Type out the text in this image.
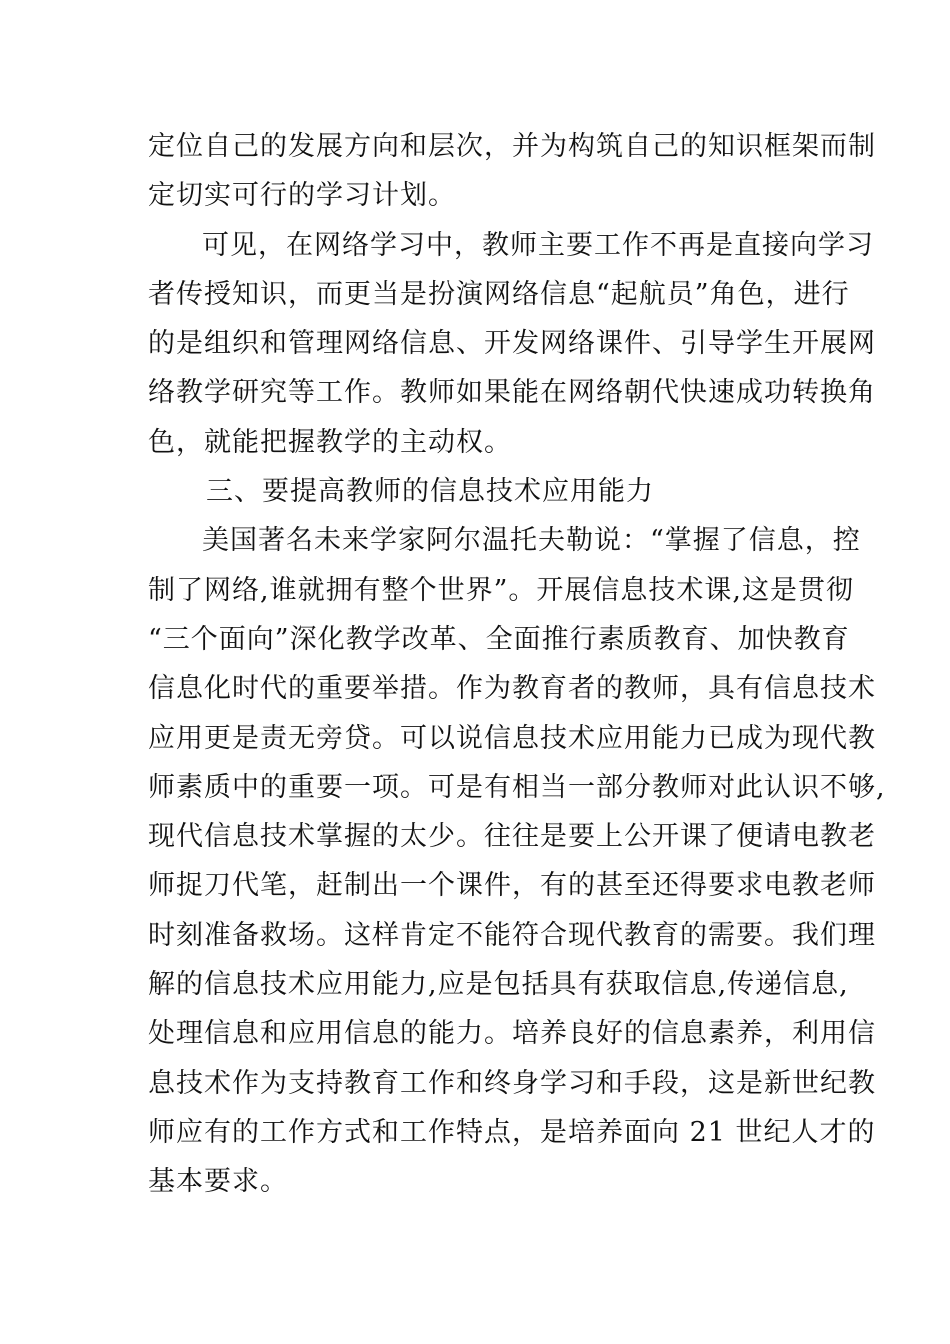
定位自己的发展方向和层次，并为构筑自己的知识框架而制
定切实可行的学习计划。
可见，在网络学习中，教师主要工作不再是直接向学习
者传授知识，而更当是扮演网络信息“起航员”角色，进行
的是组织和管理网络信息、开发网络课件、引导学生开展网
络教学研究等工作。教师如果能在网络朝代快速成功转换角
色，就能把握教学的主动权。
三、要提高教师的信息技术应用能力
美国著名未来学家阿尔温托夫勒说：“掌握了信息，控
制了网络,谁就拥有整个世界”。开展信息技术课,这是贯彻
“三个面向”深化教学改革、全面推行素质教育、加快教育
信息化时代的重要举措。作为教育者的教师，具有信息技术
应用更是责无旁贷。可以说信息技术应用能力已成为现代教
师素质中的重要一项。可是有相当一部分教师对此认识不够,
现代信息技术掌握的太少。往往是要上公开课了便请电教老
师捉刀代笔，赶制出一个课件，有的甚至还得要求电教老师
时刻准备救场。这样肯定不能符合现代教育的需要。我们理
解的信息技术应用能力,应是包括具有获取信息,传递信息,
处理信息和应用信息的能力。培养良好的信息素养，利用信
息技术作为支持教育工作和终身学习和手段，这是新世纪教
师应有的工作方式和工作特点，是培养面向 21 世纪人才的
基本要求。
